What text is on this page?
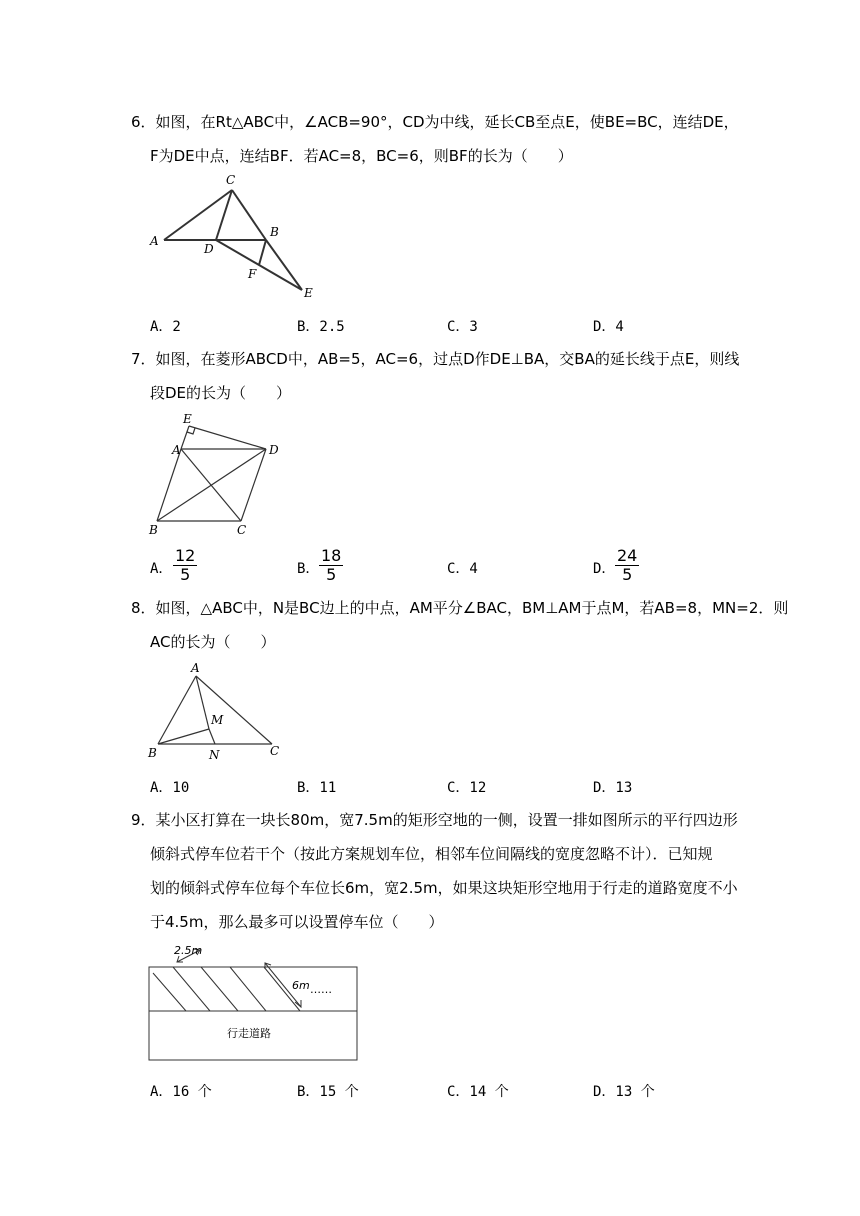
6．如图，在Rt△ABC中，∠ACB=90°，CD为中线，延长CB至点E，使BE=BC，连结DE，
F为DE中点，连结BF．若AC=8，BC=6，则BF的长为（　　）
C
A
D
B
F
E
A．2	B．2.5	C．3	D．4
7．如图，在菱形ABCD中，AB=5，AC=6，过点D作DE⊥BA，交BA的延长线于点E，则线
段DE的长为（　　）
E
A	D
B	C
A． $\frac{12}{5}$	B． $\frac{18}{5}$	C．4	D． $\frac{24}{5}$
8．如图，△ABC中，N是BC边上的中点，AM平分∠BAC，BM⊥AM于点M，若AB=8，MN=2．则
AC的长为（　　）
A
M
B	N	C
A．10	B．11	C．12	D．13
9．某小区打算在一块长80m，宽7.5m的矩形空地的一侧，设置一排如图所示的平行四边形
倾斜式停车位若干个（按此方案规划车位，相邻车位间隔线的宽度忽略不计）．已知规
划的倾斜式停车位每个车位长6m，宽2.5m，如果这块矩形空地用于行走的道路宽度不小
于4.5m，那么最多可以设置停车位（　　）
2.5m
6m ……
行走道路
A．16 个	B．15 个	C．14 个	D．13 个
